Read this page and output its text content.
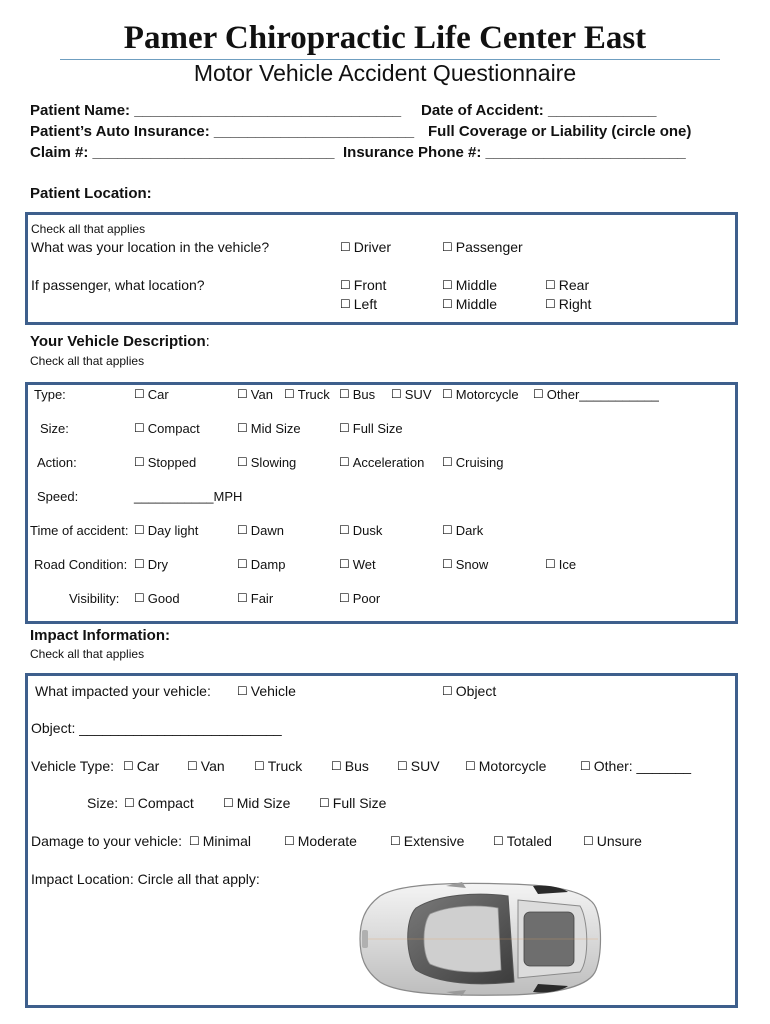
Pamer Chiropractic Life Center East
Motor Vehicle Accident Questionnaire
Patient Name: ________________________________ Date of Accident: _____________
Patient’s Auto Insurance: ________________________ Full Coverage or Liability (circle one)
Claim #: _____________________________ Insurance Phone #: ________________________
Patient Location:
Check all that applies
What was your location in the vehicle?	☐ Driver	☐ Passenger
If passenger, what location?	☐ Front	☐ Middle	☐ Rear
☐ Left	☐ Middle	☐ Right
Your Vehicle Description:
Check all that applies
Type:	☐ Car	☐ Van	☐ Truck	☐ Bus	☐ SUV	☐ Motorcycle	☐ Other___________
Size:	☐ Compact	☐ Mid Size	☐ Full Size
Action:	☐ Stopped	☐ Slowing	☐ Acceleration	☐ Cruising
Speed:	___________MPH
Time of accident:	☐ Day light	☐ Dawn	☐ Dusk	☐ Dark
Road Condition:	☐ Dry	☐ Damp	☐ Wet	☐ Snow	☐ Ice
Visibility:	☐ Good	☐ Fair	☐ Poor
Impact Information:
Check all that applies
What impacted your vehicle:	☐ Vehicle	☐ Object
Object: __________________________
Vehicle Type:	☐ Car	☐ Van	☐ Truck	☐ Bus	☐ SUV	☐ Motorcycle	☐ Other: _______
Size:	☐ Compact	☐ Mid Size	☐ Full Size
Damage to your vehicle:	☐ Minimal	☐ Moderate	☐ Extensive	☐ Totaled	☐ Unsure
Impact Location: Circle all that apply:
